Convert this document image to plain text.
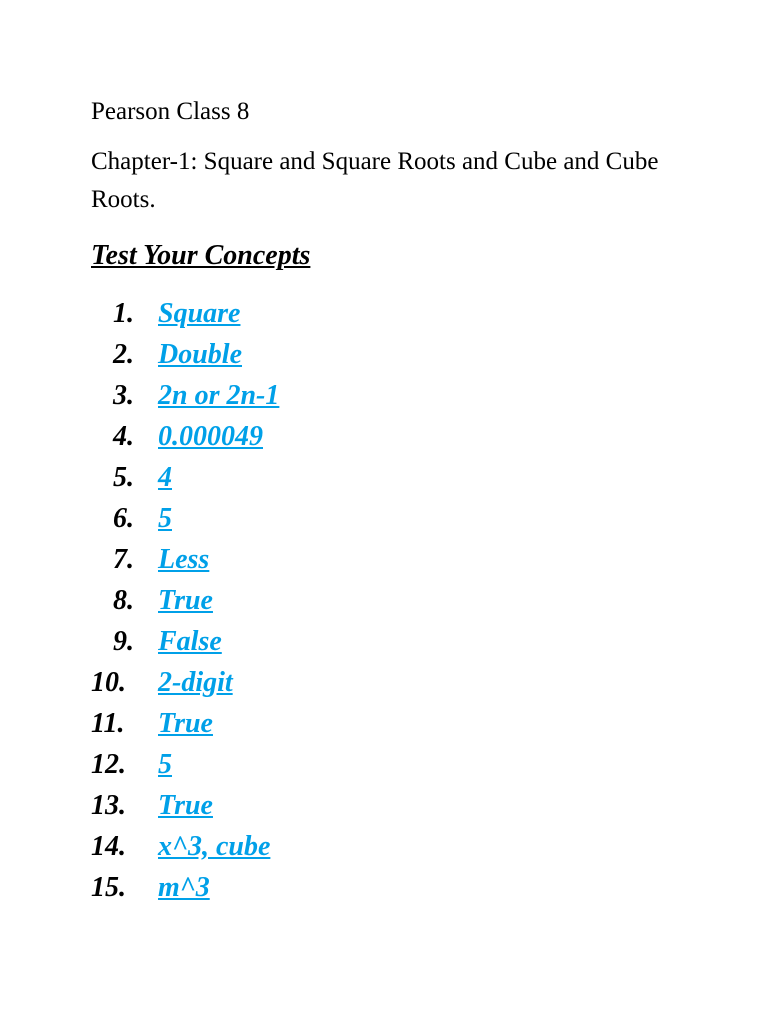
Pearson Class 8

Chapter-1: Square and Square Roots and Cube and Cube Roots.

Test Your Concepts

1. Square
2. Double
3. 2n or 2n-1
4. 0.000049
5. 4
6. 5
7. Less
8. True
9. False
10.	2-digit
11.	True
12.	5
13.	True
14.	x^3, cube
15.	m^3
